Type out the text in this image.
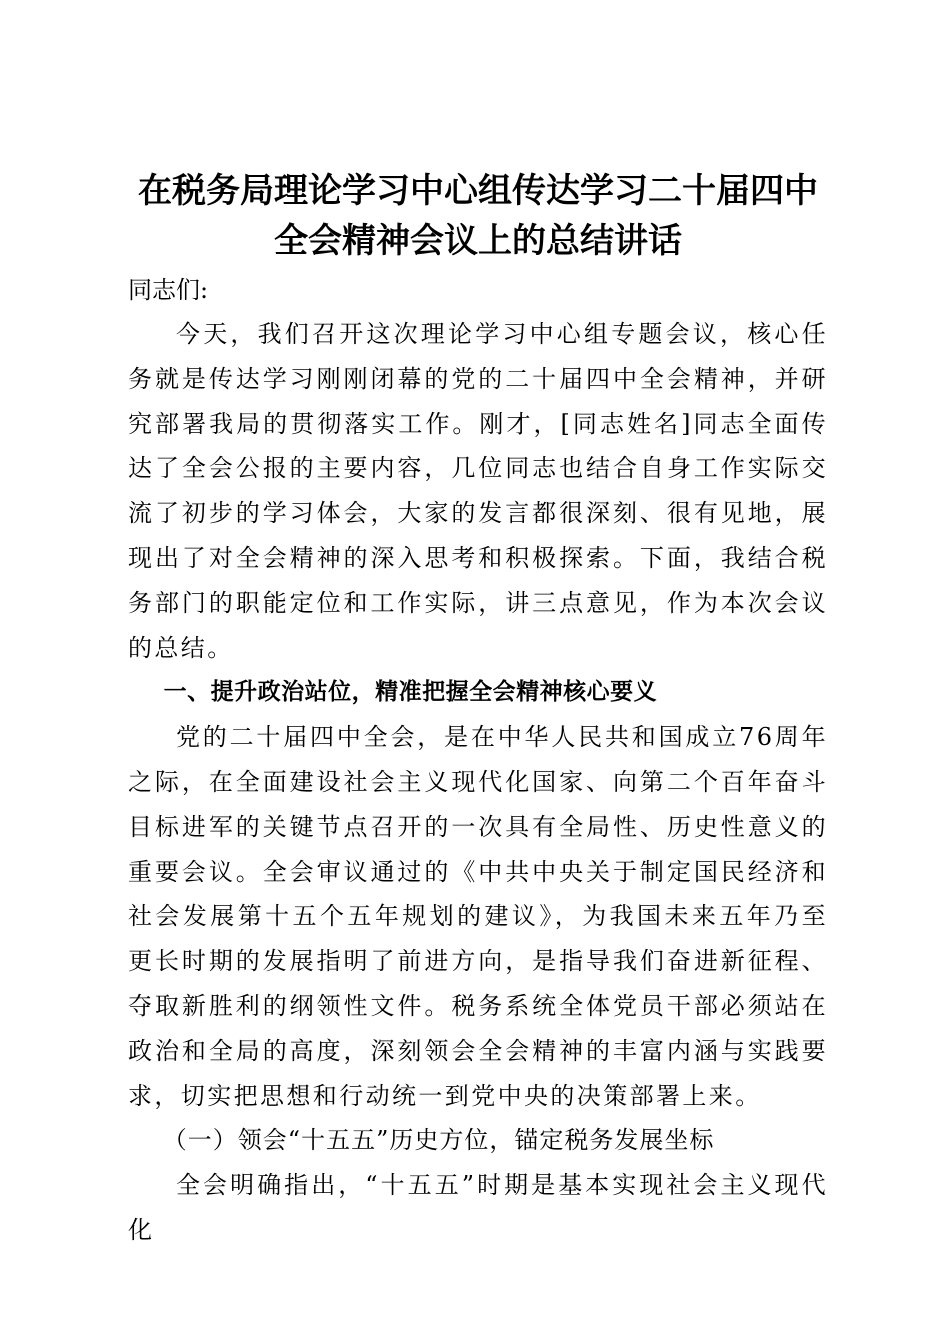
在税务局理论学习中心组传达学习二十届四中
全会精神会议上的总结讲话

同志们:

今天，我们召开这次理论学习中心组专题会议，核心任务就是传达学习刚刚闭幕的党的二十届四中全会精神，并研究部署我局的贯彻落实工作。刚才，[同志姓名]同志全面传达了全会公报的主要内容，几位同志也结合自身工作实际交流了初步的学习体会，大家的发言都很深刻、很有见地，展现出了对全会精神的深入思考和积极探索。下面，我结合税务部门的职能定位和工作实际，讲三点意见，作为本次会议的总结。

一、提升政治站位，精准把握全会精神核心要义

党的二十届四中全会，是在中华人民共和国成立76周年之际，在全面建设社会主义现代化国家、向第二个百年奋斗目标进军的关键节点召开的一次具有全局性、历史性意义的重要会议。全会审议通过的《中共中央关于制定国民经济和社会发展第十五个五年规划的建议》，为我国未来五年乃至更长时期的发展指明了前进方向，是指导我们奋进新征程、夺取新胜利的纲领性文件。税务系统全体党员干部必须站在政治和全局的高度，深刻领会全会精神的丰富内涵与实践要求，切实把思想和行动统一到党中央的决策部署上来。

（一）领会“十五五”历史方位，锚定税务发展坐标

全会明确指出，“十五五”时期是基本实现社会主义现代化
